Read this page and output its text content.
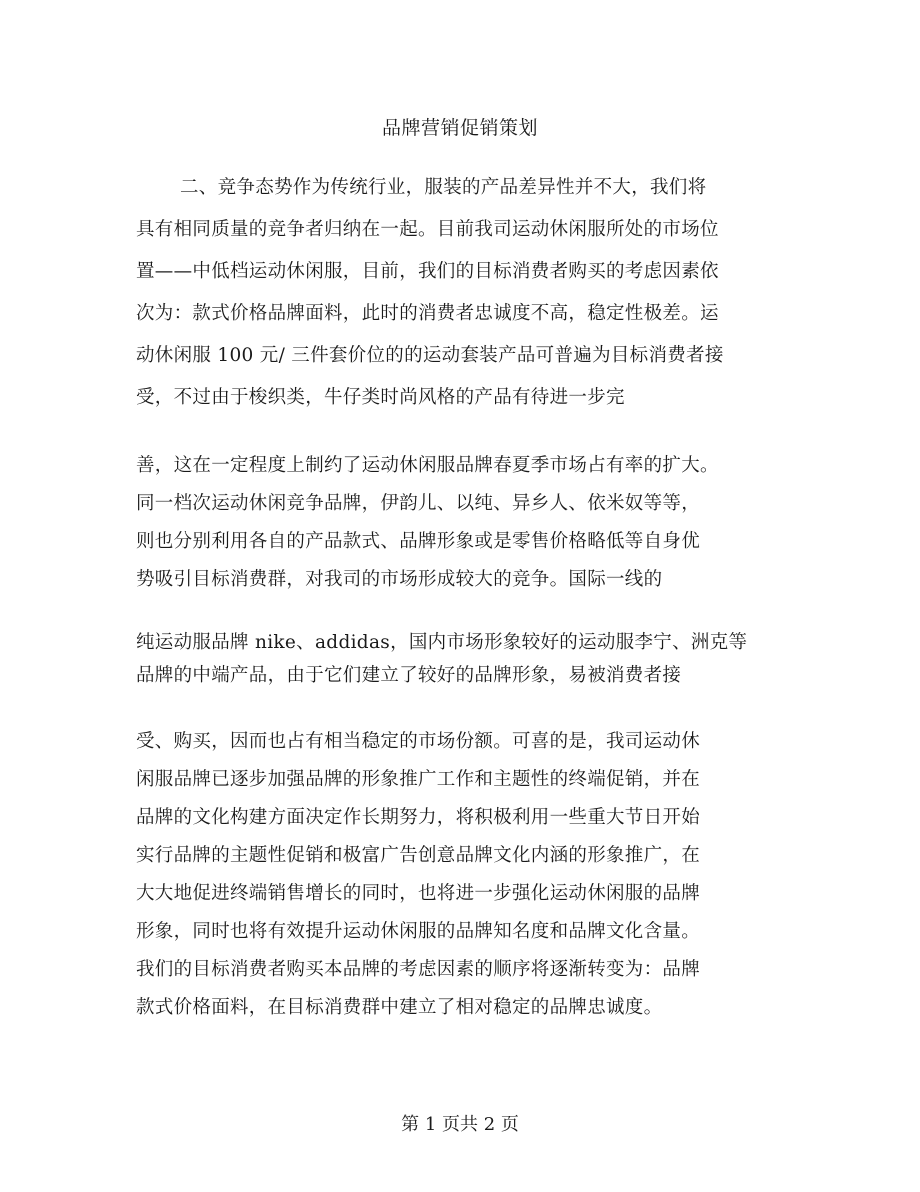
品牌营销促销策划
二、竞争态势作为传统行业，服装的产品差异性并不大，我们将
具有相同质量的竞争者归纳在一起。目前我司运动休闲服所处的市场位
置——中低档运动休闲服，目前，我们的目标消费者购买的考虑因素依
次为：款式价格品牌面料，此时的消费者忠诚度不高，稳定性极差。运
动休闲服 100 元/ 三件套价位的的运动套装产品可普遍为目标消费者接
受，不过由于梭织类，牛仔类时尚风格的产品有待进一步完
善，这在一定程度上制约了运动休闲服品牌春夏季市场占有率的扩大。
同一档次运动休闲竞争品牌，伊韵儿、以纯、异乡人、依米奴等等，
则也分别利用各自的产品款式、品牌形象或是零售价格略低等自身优
势吸引目标消费群，对我司的市场形成较大的竞争。国际一线的
纯运动服品牌 nike、addidas，国内市场形象较好的运动服李宁、洲克等
品牌的中端产品，由于它们建立了较好的品牌形象，易被消费者接
受、购买，因而也占有相当稳定的市场份额。可喜的是，我司运动休
闲服品牌已逐步加强品牌的形象推广工作和主题性的终端促销，并在
品牌的文化构建方面决定作长期努力，将积极利用一些重大节日开始
实行品牌的主题性促销和极富广告创意品牌文化内涵的形象推广，在
大大地促进终端销售增长的同时，也将进一步强化运动休闲服的品牌
形象，同时也将有效提升运动休闲服的品牌知名度和品牌文化含量。
我们的目标消费者购买本品牌的考虑因素的顺序将逐渐转变为：品牌
款式价格面料，在目标消费群中建立了相对稳定的品牌忠诚度。
第 1 页共 2 页
